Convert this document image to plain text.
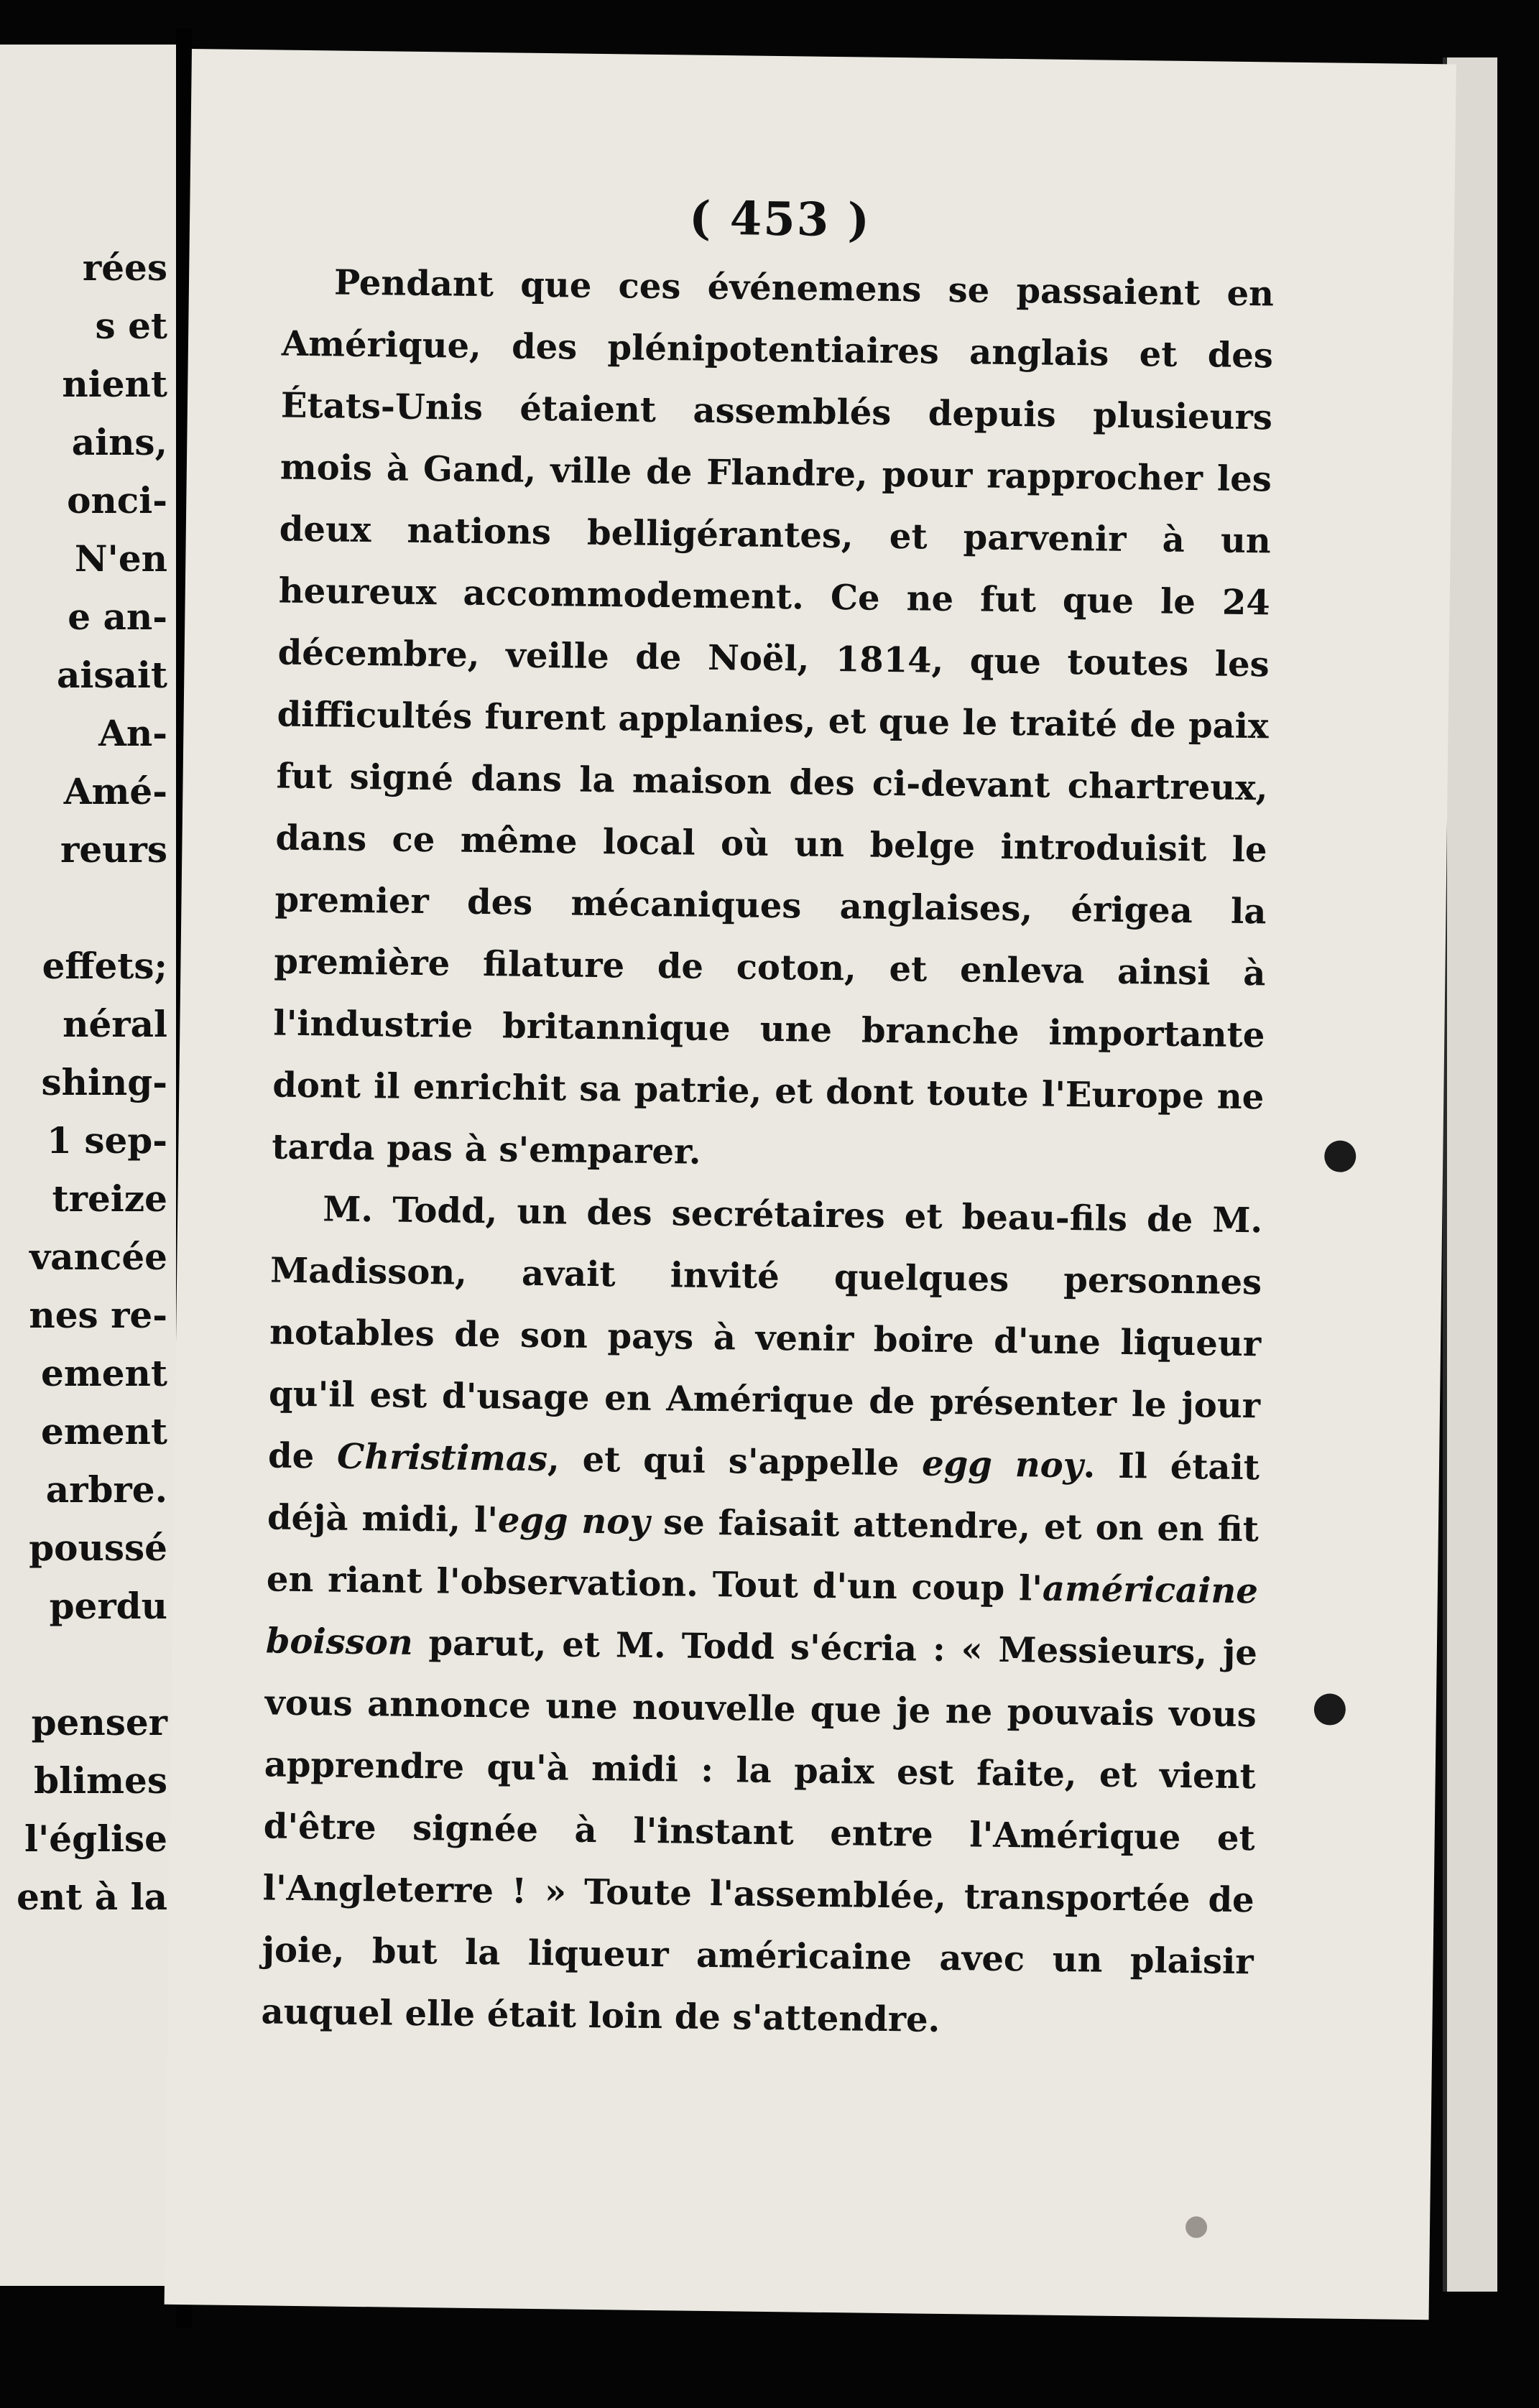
rées
s et
nient
ains,
onci-
N'en
e an-
aisait
An-
Amé-
reurs
effets;
néral
shing-
1 sep-
treize
vancée
nes re-
ement
ement
arbre.
poussé
perdu
penser
blimes
l'église
ent à la
( 453 )

Pendant que ces événemens se passaient en Amérique, des plénipotentiaires anglais et des États-Unis étaient assemblés depuis plusieurs mois à Gand, ville de Flandre, pour rapprocher les deux nations belligérantes, et parvenir à un heureux accommodement. Ce ne fut que le 24 décembre, veille de Noël, 1814, que toutes les difficultés furent applanies, et que le traité de paix fut signé dans la maison des ci-devant chartreux, dans ce même local où un belge introduisit le premier des mécaniques anglaises, érigea la première filature de coton, et enleva ainsi à l'industrie britannique une branche importante dont il enrichit sa patrie, et dont toute l'Europe ne tarda pas à s'emparer.

M. Todd, un des secrétaires et beau-fils de M. Madisson, avait invité quelques personnes notables de son pays à venir boire d'une liqueur qu'il est d'usage en Amérique de présenter le jour de Christimas, et qui s'appelle egg noy. Il était déjà midi, l'egg noy se faisait attendre, et on en fit en riant l'observation. Tout d'un coup l'américaine boisson parut, et M. Todd s'écria : « Messieurs, je vous annonce une nouvelle que je ne pouvais vous apprendre qu'à midi : la paix est faite, et vient d'être signée à l'instant entre l'Amérique et l'Angleterre ! » Toute l'assemblée, transportée de joie, but la liqueur américaine avec un plaisir auquel elle était loin de s'attendre.
